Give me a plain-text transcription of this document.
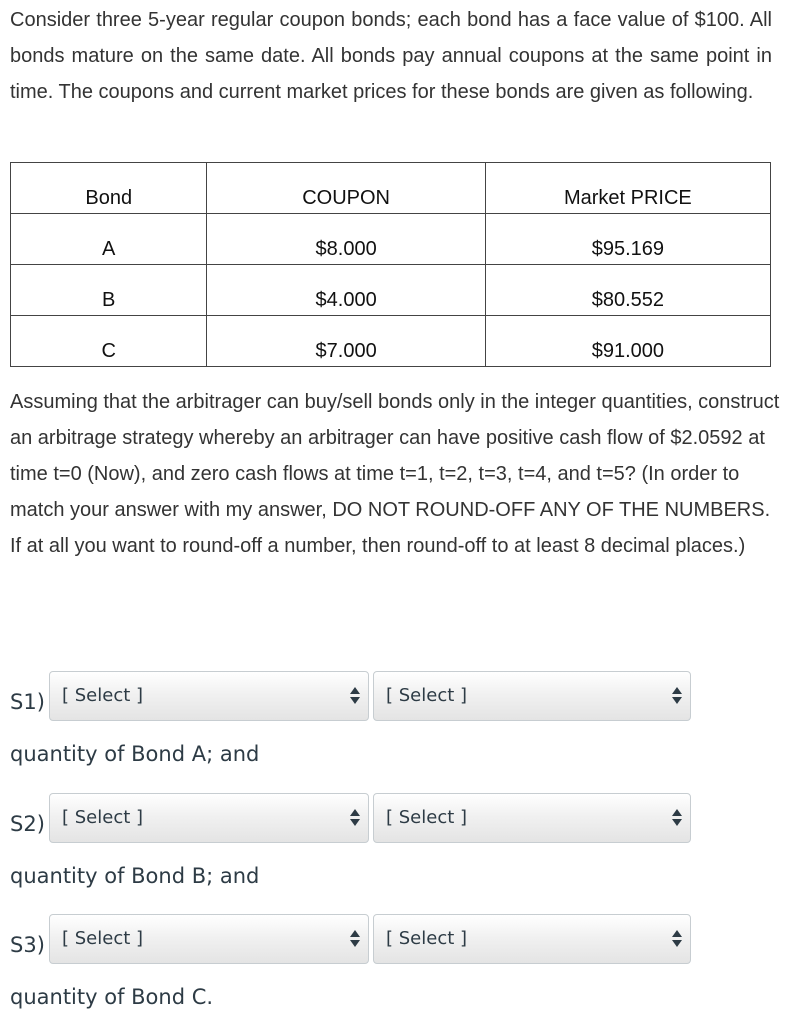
Consider three 5-year regular coupon bonds; each bond has a face value of $100. All bonds mature on the same date. All bonds pay annual coupons at the same point in time. The coupons and current market prices for these bonds are given as following.

Bond	COUPON	Market PRICE
A	$8.000	$95.169
B	$4.000	$80.552
C	$7.000	$91.000

Assuming that the arbitrager can buy/sell bonds only in the integer quantities, construct an arbitrage strategy whereby an arbitrager can have positive cash flow of $2.0592 at time t=0 (Now), and zero cash flows at time t=1, t=2, t=3, t=4, and t=5? (In order to match your answer with my answer, DO NOT ROUND-OFF ANY OF THE NUMBERS. If at all you want to round-off a number, then round-off to at least 8 decimal places.)

S1) [ Select ]	[ Select ]
quantity of Bond A; and
S2) [ Select ]	[ Select ]
quantity of Bond B; and
S3) [ Select ]	[ Select ]
quantity of Bond C.
